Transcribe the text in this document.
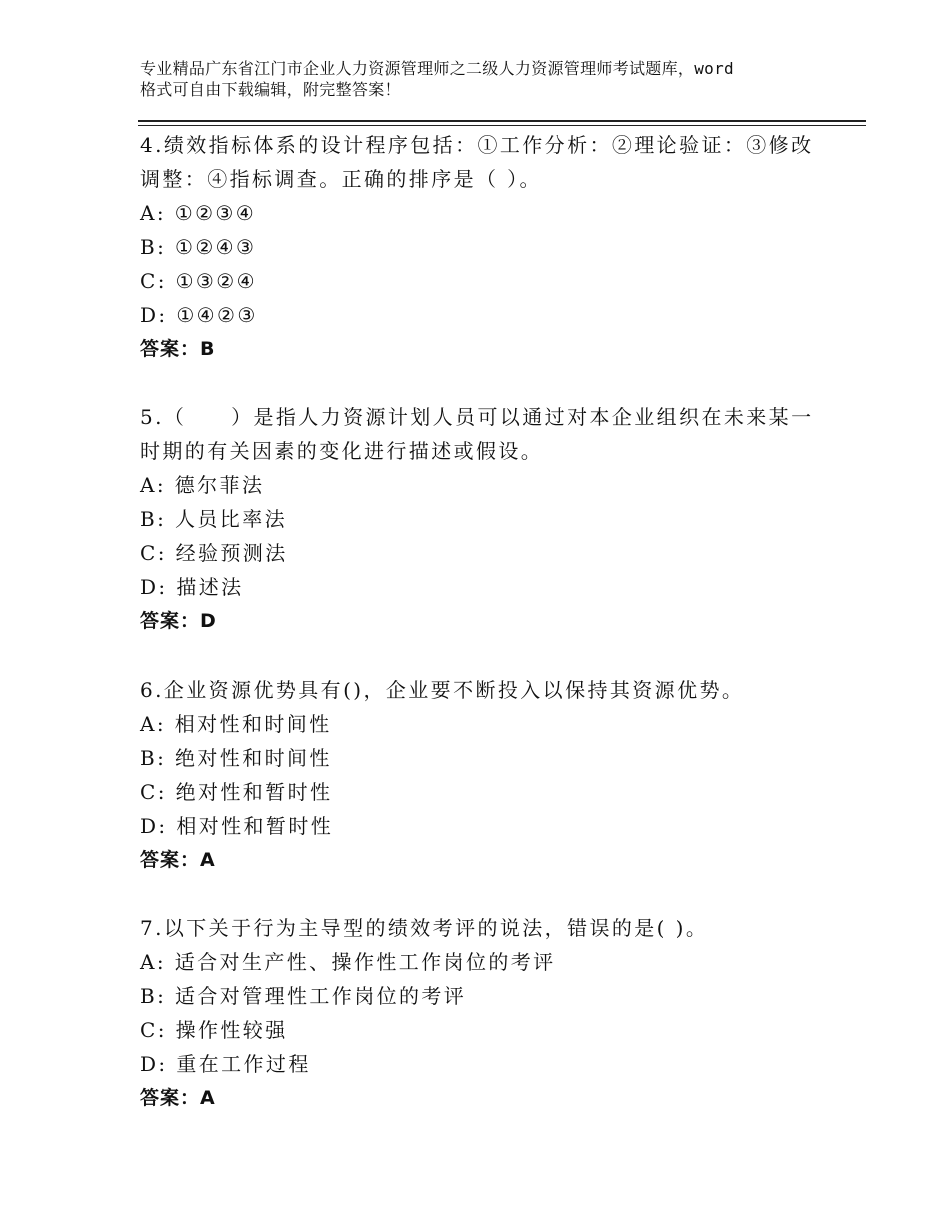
专业精品广东省江门市企业人力资源管理师之二级人力资源管理师考试题库，word
格式可自由下载编辑，附完整答案！

4.绩效指标体系的设计程序包括：①工作分析：②理论验证：③修改

调整：④指标调查。正确的排序是（ ）。

A: ①②③④

B: ①②④③

C: ①③②④

D: ①④②③

答案：B

5.（　　）是指人力资源计划人员可以通过对本企业组织在未来某一

时期的有关因素的变化进行描述或假设。

A: 德尔菲法

B: 人员比率法

C: 经验预测法

D: 描述法

答案：D

6.企业资源优势具有()，企业要不断投入以保持其资源优势。

A: 相对性和时间性

B: 绝对性和时间性

C: 绝对性和暂时性

D: 相对性和暂时性

答案：A

7.以下关于行为主导型的绩效考评的说法，错误的是( )。

A: 适合对生产性、操作性工作岗位的考评

B: 适合对管理性工作岗位的考评

C: 操作性较强

D: 重在工作过程

答案：A
